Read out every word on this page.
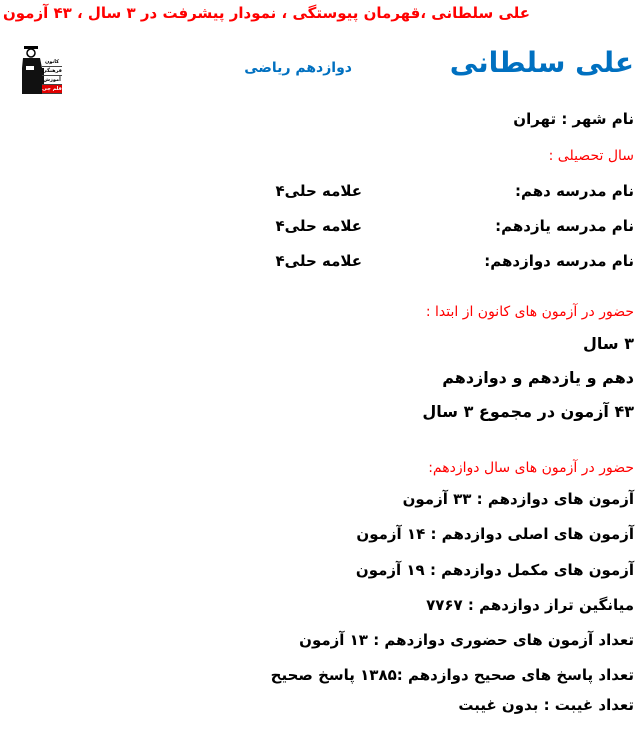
علی سلطانی ،قهرمان پیوستگی ، نمودار پیشرفت در ۳ سال ، ۴۳ آزمون
علی سلطانی
دوازدهم ریاضی
کانون
فرهنگی
آموزش
قلم چی
نام شهر : تهران
سال تحصیلی :
نام مدرسه دهم:
علامه حلی۴
نام مدرسه یازدهم:
علامه حلی۴
نام مدرسه دوازدهم:
علامه حلی۴
حضور در آزمون های کانون از ابتدا :
۳ سال
دهم و یازدهم و دوازدهم
۴۳ آزمون در مجموع ۳ سال
حضور در آزمون های سال دوازدهم:
آزمون های دوازدهم : ۳۳ آزمون
آزمون های اصلی دوازدهم : ۱۴ آزمون
آزمون های مکمل دوازدهم : ۱۹ آزمون
میانگین تراز دوازدهم : ۷۷۶۷
تعداد آزمون های حضوری دوازدهم : ۱۳ آزمون
تعداد پاسخ های صحیح دوازدهم :۱۳۸۵ پاسخ صحیح
تعداد غیبت : بدون غیبت
